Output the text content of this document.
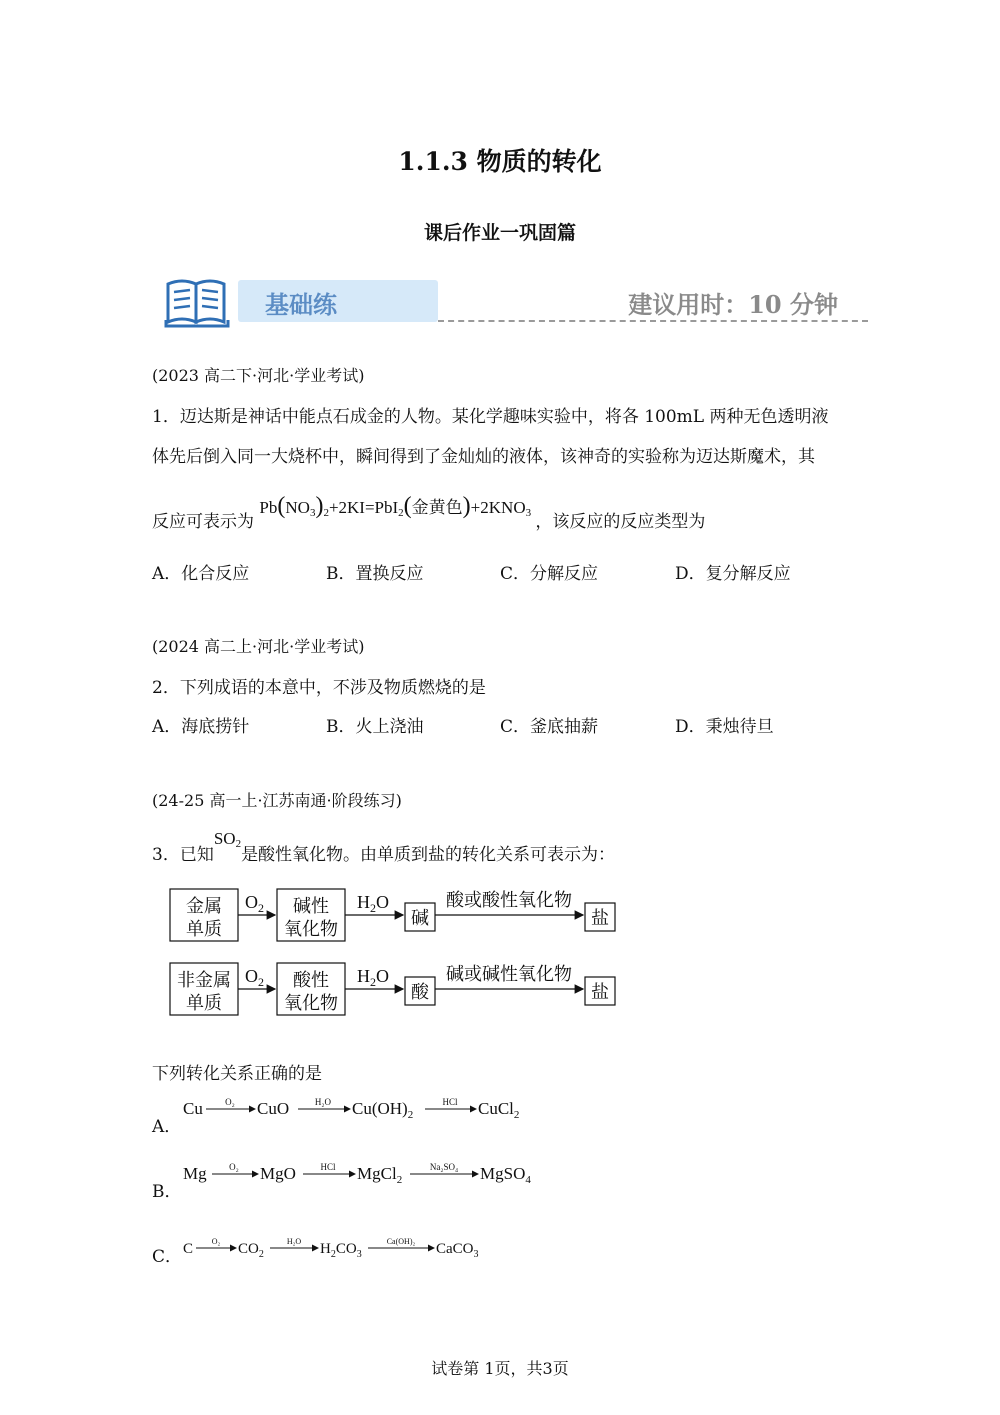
1.1.3 物质的转化
课后作业一巩固篇
基础练	建议用时：10 分钟
(2023 高二下·河北·学业考试)
1．迈达斯是神话中能点石成金的人物。某化学趣味实验中，将各 100mL 两种无色透明液
体先后倒入同一大烧杯中，瞬间得到了金灿灿的液体，该神奇的实验称为迈达斯魔术，其
反应可表示为 $Pb(NO_3)_2+2KI=PbI_2$(金黄色)$+2KNO_3$ ，该反应的反应类型为
A．化合反应	B．置换反应	C．分解反应	D．复分解反应
(2024 高二上·河北·学业考试)
2．下列成语的本意中，不涉及物质燃烧的是
A．海底捞针	B．火上浇油	C．釜底抽薪	D．秉烛待旦
(24-25 高一上·江苏南通·阶段练习)
3．已知$SO_2$是酸性氧化物。由单质到盐的转化关系可表示为：
金属
单质
$O_2$ 碱性
氧化物
$H_2O$
碱
酸或酸性氧化物
盐
非金属
单质
$O_2$ 酸性
氧化物
$H_2O$
酸
碱或碱性氧化物
盐
下列转化关系正确的是
A．
Cu O₂ CuO	H₂O $Cu(OH)_2$
HCl CuCl$_2$
B．
Mg	O₂ MgO	HCl MgCl$_2$
Na₂SO₄ MgSO$_4$
C． C O₂ $CO_2$
H₂O $H_2CO_3$
Ca(OH)₂ CaCO$_3$
试卷第 1页，共3页
